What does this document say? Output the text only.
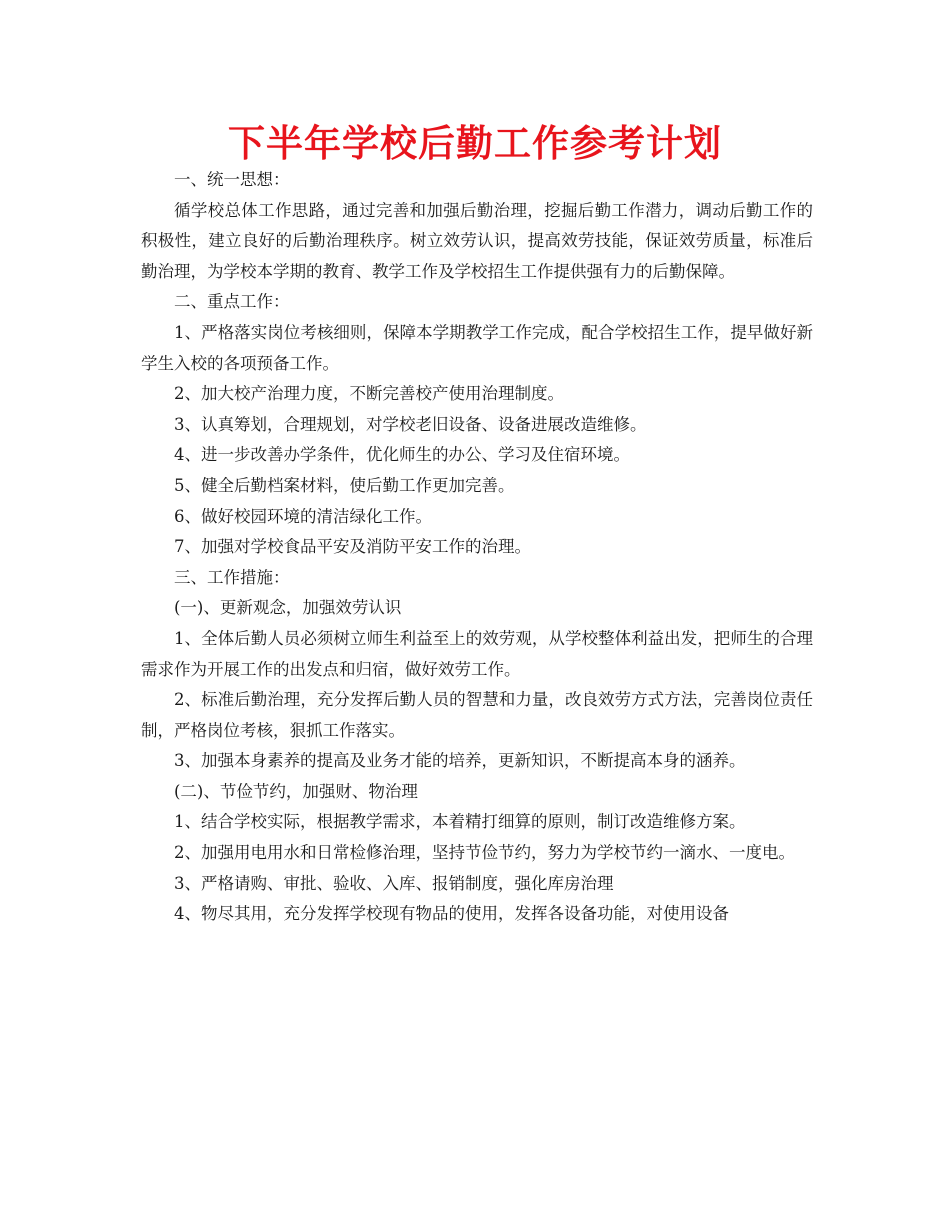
下半年学校后勤工作参考计划

一、统一思想：

循学校总体工作思路，通过完善和加强后勤治理，挖掘后勤工作潜力，调动后勤工作的积极性，建立良好的后勤治理秩序。树立效劳认识，提高效劳技能，保证效劳质量，标准后勤治理，为学校本学期的教育、教学工作及学校招生工作提供强有力的后勤保障。

二、重点工作：

1、严格落实岗位考核细则，保障本学期教学工作完成，配合学校招生工作，提早做好新学生入校的各项预备工作。

2、加大校产治理力度，不断完善校产使用治理制度。

3、认真筹划，合理规划，对学校老旧设备、设备进展改造维修。

4、进一步改善办学条件，优化师生的办公、学习及住宿环境。

5、健全后勤档案材料，使后勤工作更加完善。

6、做好校园环境的清洁绿化工作。

7、加强对学校食品平安及消防平安工作的治理。

三、工作措施：

(一)、更新观念，加强效劳认识

1、全体后勤人员必须树立师生利益至上的效劳观，从学校整体利益出发，把师生的合理需求作为开展工作的出发点和归宿，做好效劳工作。

2、标准后勤治理，充分发挥后勤人员的智慧和力量，改良效劳方式方法，完善岗位责任制，严格岗位考核，狠抓工作落实。

3、加强本身素养的提高及业务才能的培养，更新知识，不断提高本身的涵养。

(二)、节俭节约，加强财、物治理

1、结合学校实际，根据教学需求，本着精打细算的原则，制订改造维修方案。

2、加强用电用水和日常检修治理，坚持节俭节约，努力为学校节约一滴水、一度电。

3、严格请购、审批、验收、入库、报销制度，强化库房治理

4、物尽其用，充分发挥学校现有物品的使用，发挥各设备功能，对使用设备
